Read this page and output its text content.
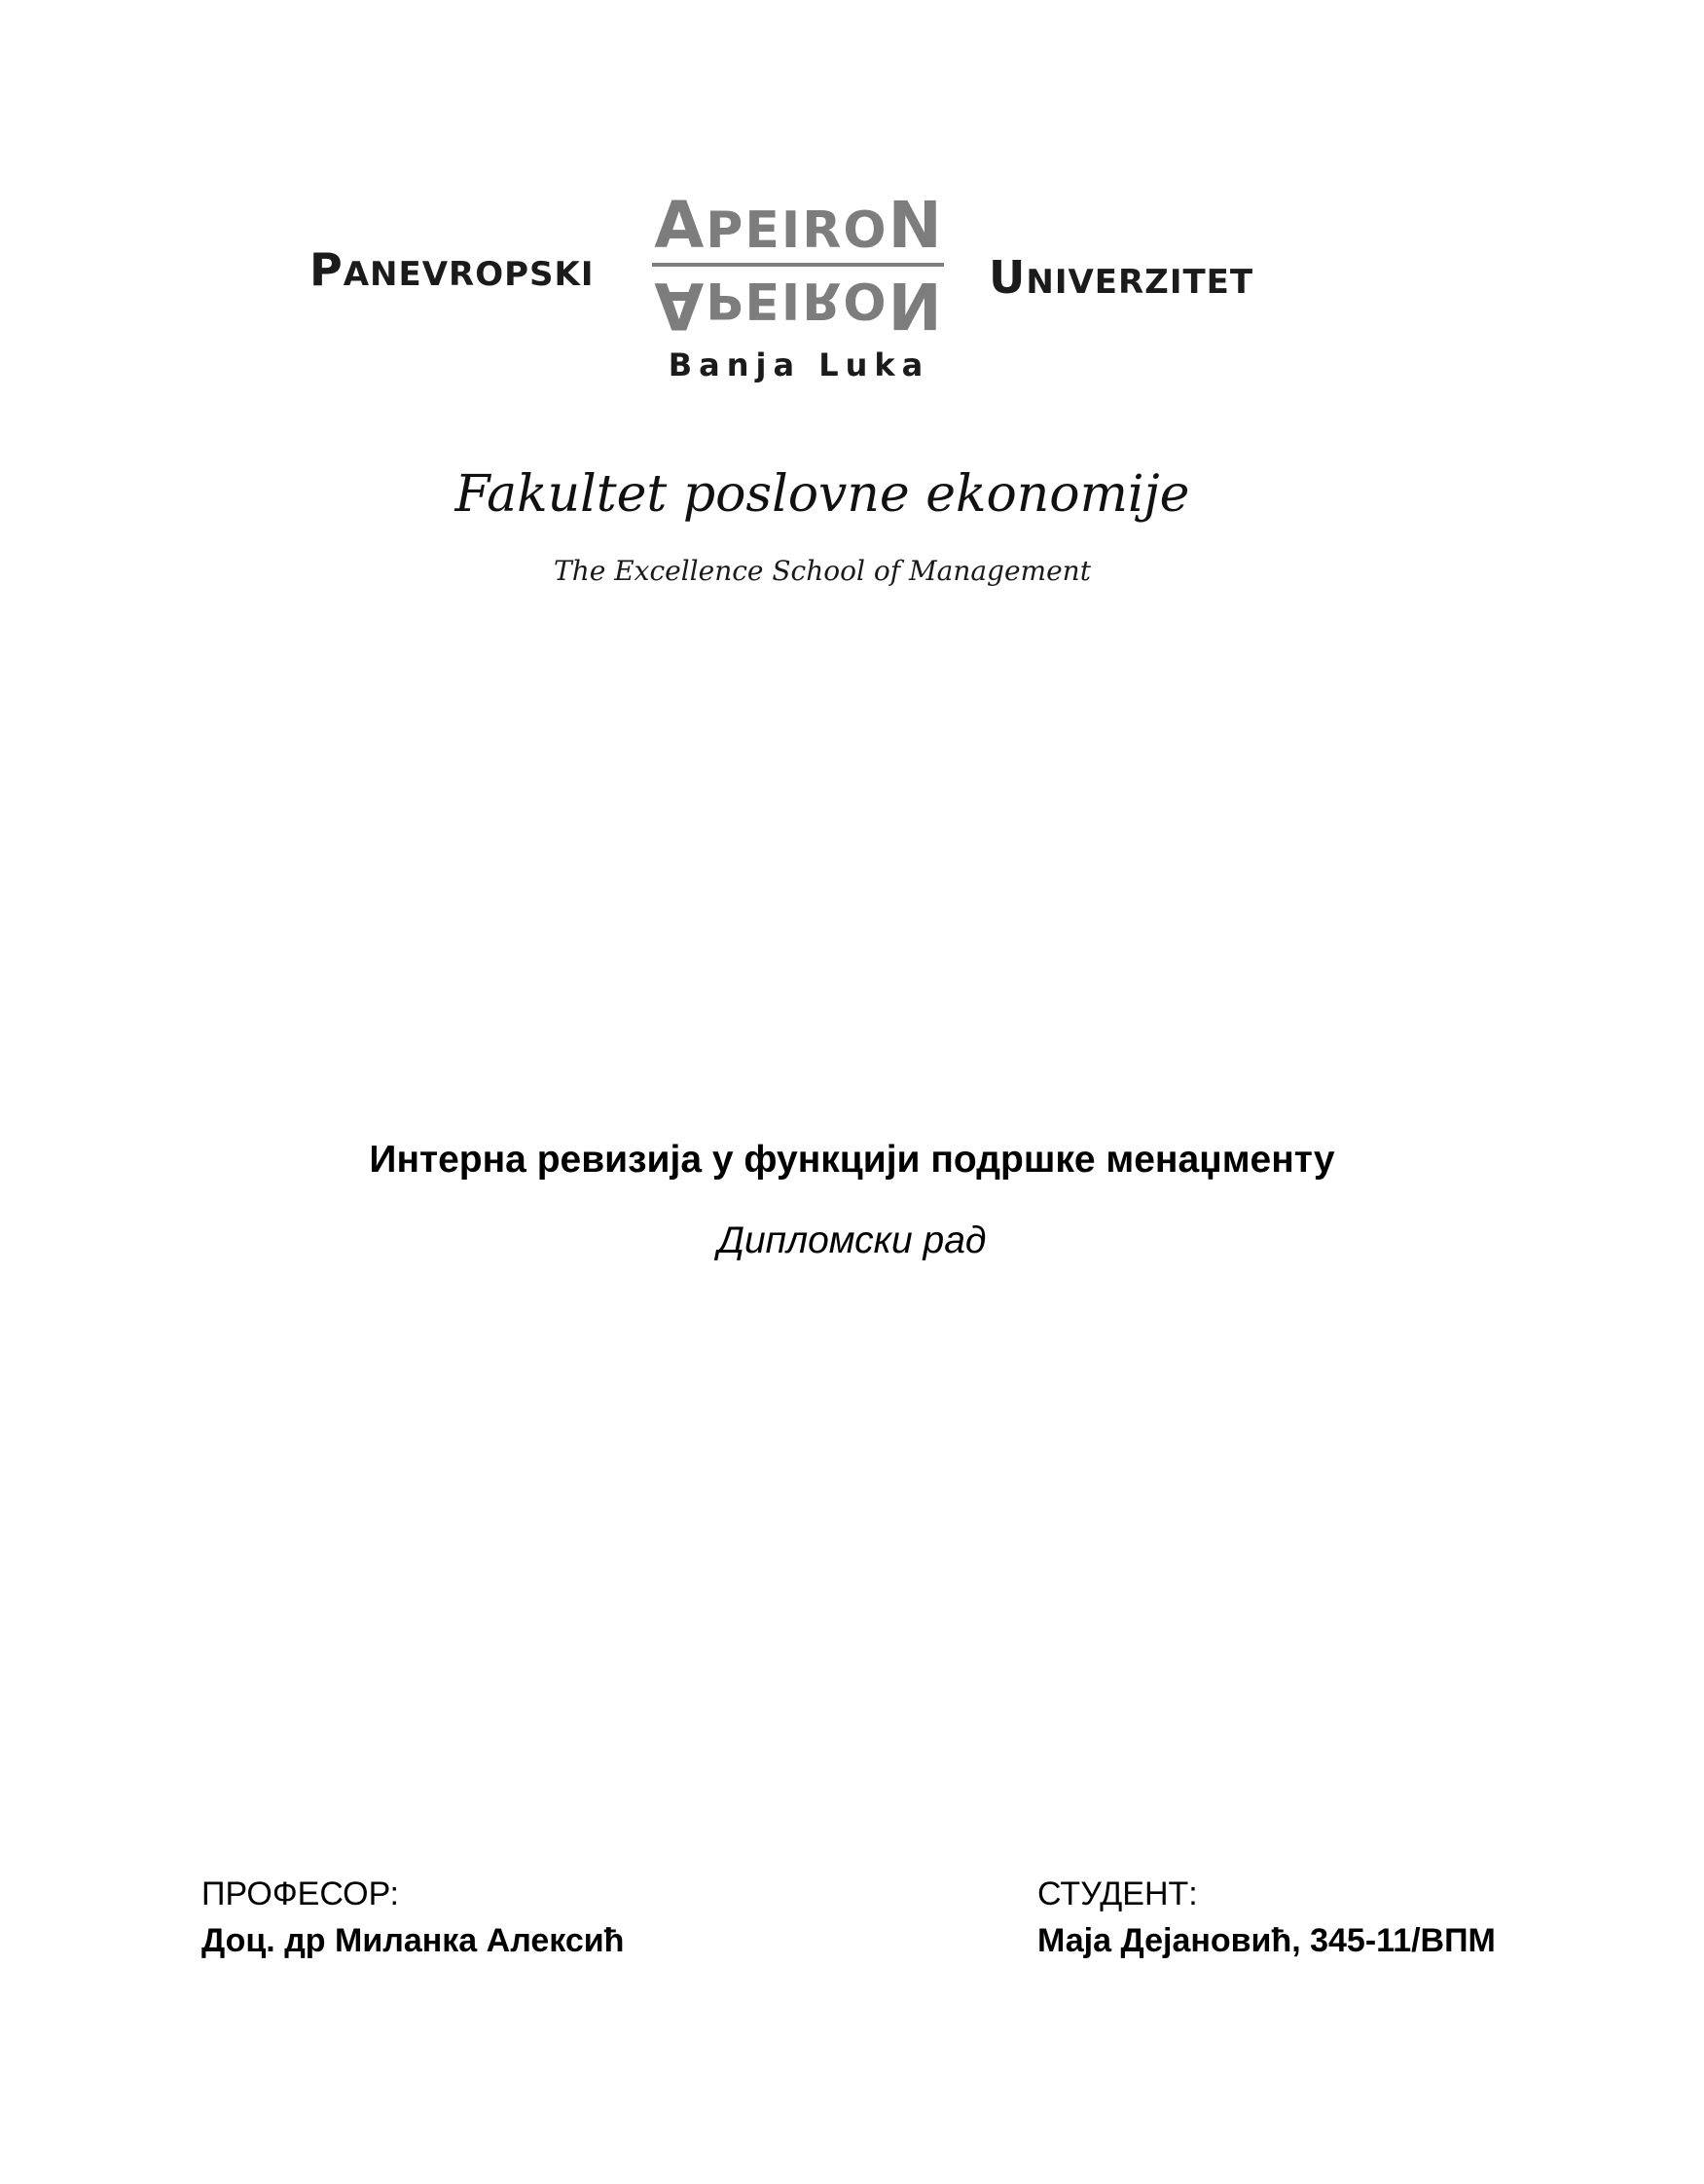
PANEVROPSKI
APEIRON
APEIRON
Banja Luka
UNIVERZITET
Fakultet poslovne ekonomije
The Excellence School of Management
Интерна ревизија у функцији подршке менаџменту
Дипломски рад
ПРОФЕСОР:
Доц. др Миланка Алексић
СТУДЕНТ:
Маја Дејановић, 345-11/ВПМ
